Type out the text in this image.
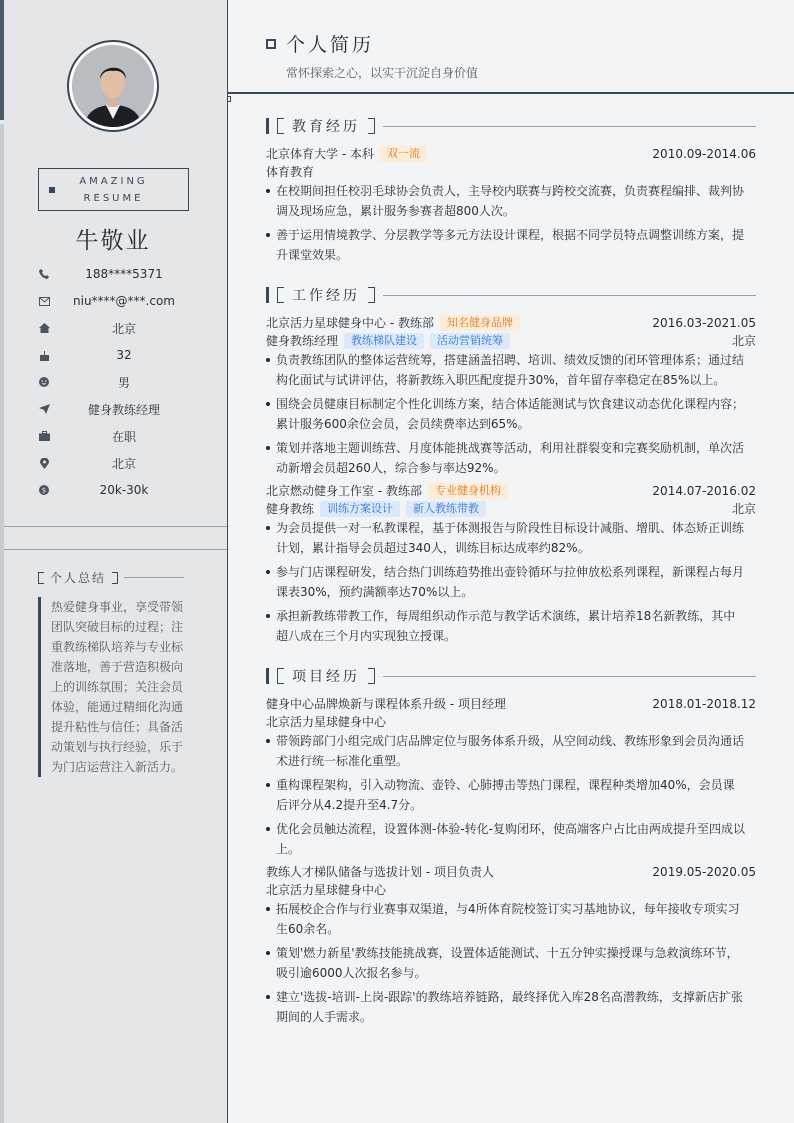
AMAZING
RESUME
牛敬业
188****5371
niu****@***.com
北京
32
男
健身教练经理
在职
北京
$	20k-30k
个人总结
热爱健身事业，享受带领团队突破目标的过程；注重教练梯队培养与专业标准落地，善于营造积极向上的训练氛围；关注会员体验，能通过精细化沟通提升粘性与信任；具备活动策划与执行经验，乐于为门店运营注入新活力。
个人简历
常怀探索之心，以实干沉淀自身价值
教育经历
北京体育大学 - 本科	双一流	2010.09-2014.06
体育教育
在校期间担任校羽毛球协会负责人，主导校内联赛与跨校交流赛，负责赛程编排、裁判协调及现场应急，累计服务参赛者超800人次。
善于运用情境教学、分层教学等多元方法设计课程，根据不同学员特点调整训练方案，提升课堂效果。
工作经历
北京活力星球健身中心 - 教练部	知名健身品牌	2016.03-2021.05
健身教练经理	教练梯队建设	活动营销统筹	北京
负责教练团队的整体运营统筹，搭建涵盖招聘、培训、绩效反馈的闭环管理体系；通过结构化面试与试讲评估，将新教练入职匹配度提升30%，首年留存率稳定在85%以上。
围绕会员健康目标制定个性化训练方案，结合体适能测试与饮食建议动态优化课程内容；累计服务600余位会员，会员续费率达到65%。
策划并落地主题训练营、月度体能挑战赛等活动，利用社群裂变和完赛奖励机制，单次活动新增会员超260人，综合参与率达92%。
北京燃动健身工作室 - 教练部	专业健身机构	2014.07-2016.02
健身教练	训练方案设计	新人教练带教	北京
为会员提供一对一私教课程，基于体测报告与阶段性目标设计减脂、增肌、体态矫正训练计划，累计指导会员超过340人，训练目标达成率约82%。
参与门店课程研发，结合热门训练趋势推出壶铃循环与拉伸放松系列课程，新课程占每月课表30%，预约满额率达70%以上。
承担新教练带教工作，每周组织动作示范与教学话术演练，累计培养18名新教练，其中超八成在三个月内实现独立授课。
项目经历
健身中心品牌焕新与课程体系升级 - 项目经理	2018.01-2018.12
北京活力星球健身中心
带领跨部门小组完成门店品牌定位与服务体系升级，从空间动线、教练形象到会员沟通话术进行统一标准化重塑。
重构课程架构，引入动物流、壶铃、心肺搏击等热门课程，课程种类增加40%，会员课后评分从4.2提升至4.7分。
优化会员触达流程，设置体测-体验-转化-复购闭环，使高端客户占比由两成提升至四成以上。
教练人才梯队储备与选拔计划 - 项目负责人	2019.05-2020.05
北京活力星球健身中心
拓展校企合作与行业赛事双渠道，与4所体育院校签订实习基地协议，每年接收专项实习生60余名。
策划'燃力新星'教练技能挑战赛，设置体适能测试、十五分钟实操授课与急救演练环节，吸引逾6000人次报名参与。
建立'选拔-培训-上岗-跟踪'的教练培养链路，最终择优入库28名高潜教练，支撑新店扩张期间的人手需求。
